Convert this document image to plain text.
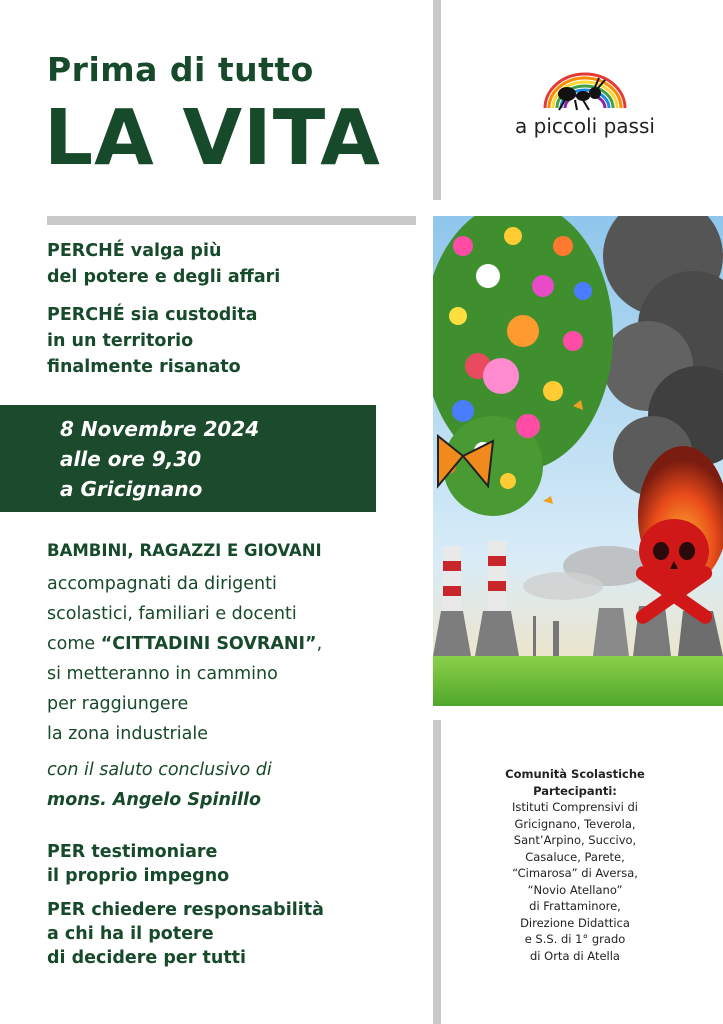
Prima di tutto
LA VITA	a piccoli passi
PERCHÉ valga più
del potere e degli affari
PERCHÉ sia custodita
in un territorio
finalmente risanato
8 Novembre 2024
alle ore 9,30
a Gricignano
BAMBINI, RAGAZZI E GIOVANI
accompagnati da dirigenti
scolastici, familiari e docenti
come “CITTADINI SOVRANI”,
si metteranno in cammino
per raggiungere
la zona industriale
con il saluto conclusivo di
mons. Angelo Spinillo
PER testimoniare
il proprio impegno
PER chiedere responsabilità
a chi ha il potere
di decidere per tutti
Comunità Scolastiche
Partecipanti:
Istituti Comprensivi di
Gricignano, Teverola,
Sant’Arpino, Succivo,
Casaluce, Parete,
“Cimarosa” di Aversa,
“Novio Atellano”
di Frattaminore,
Direzione Didattica
e S.S. di 1° grado
di Orta di Atella
